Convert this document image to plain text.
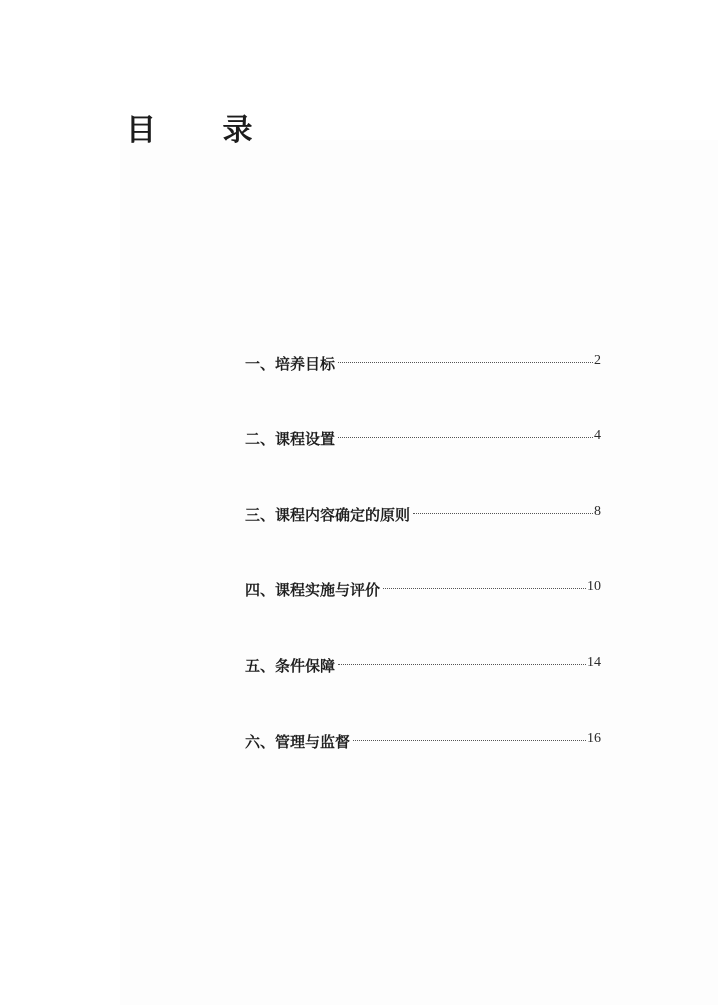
目 录
一、培养目标	2
二、课程设置	4
三、课程内容确定的原则	8
四、课程实施与评价	10
五、条件保障	14
六、管理与监督	16
